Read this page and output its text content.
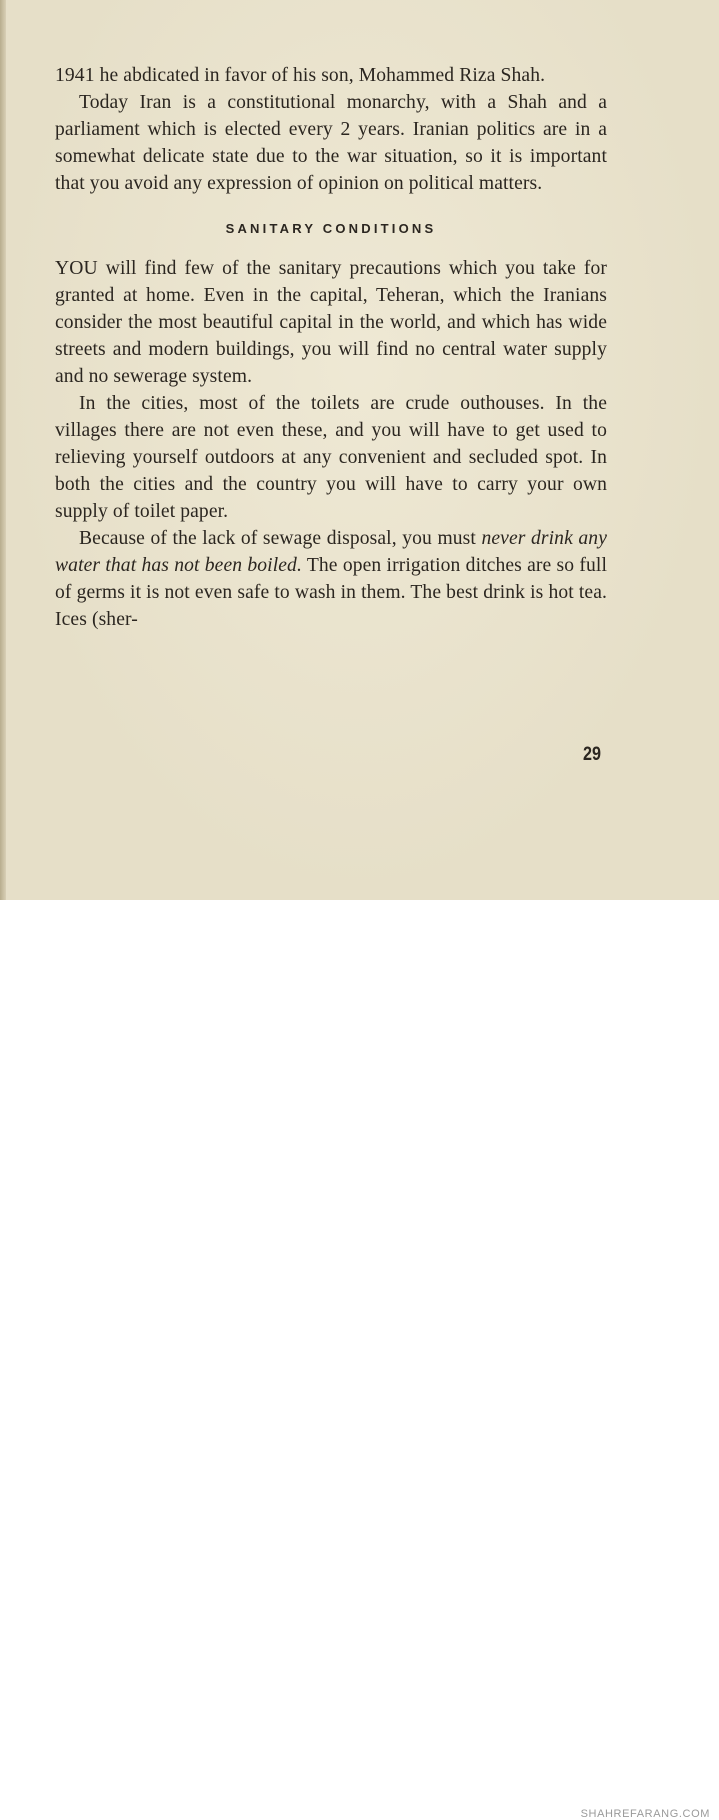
1941 he abdicated in favor of his son, Mohammed Riza Shah.

Today Iran is a constitutional monarchy, with a Shah and a parliament which is elected every 2 years. Iranian politics are in a somewhat delicate state due to the war situation, so it is important that you avoid any expression of opinion on political matters.

SANITARY CONDITIONS

YOU will find few of the sanitary precautions which you take for granted at home. Even in the capital, Teheran, which the Iranians consider the most beautiful capital in the world, and which has wide streets and modern buildings, you will find no central water supply and no sewerage system.

In the cities, most of the toilets are crude outhouses. In the villages there are not even these, and you will have to get used to relieving yourself outdoors at any convenient and secluded spot. In both the cities and the country you will have to carry your own supply of toilet paper.

Because of the lack of sewage disposal, you must never drink any water that has not been boiled. The open irrigation ditches are so full of germs it is not even safe to wash in them. The best drink is hot tea. Ices (sher-

29
SHAHREFARANG.COM
